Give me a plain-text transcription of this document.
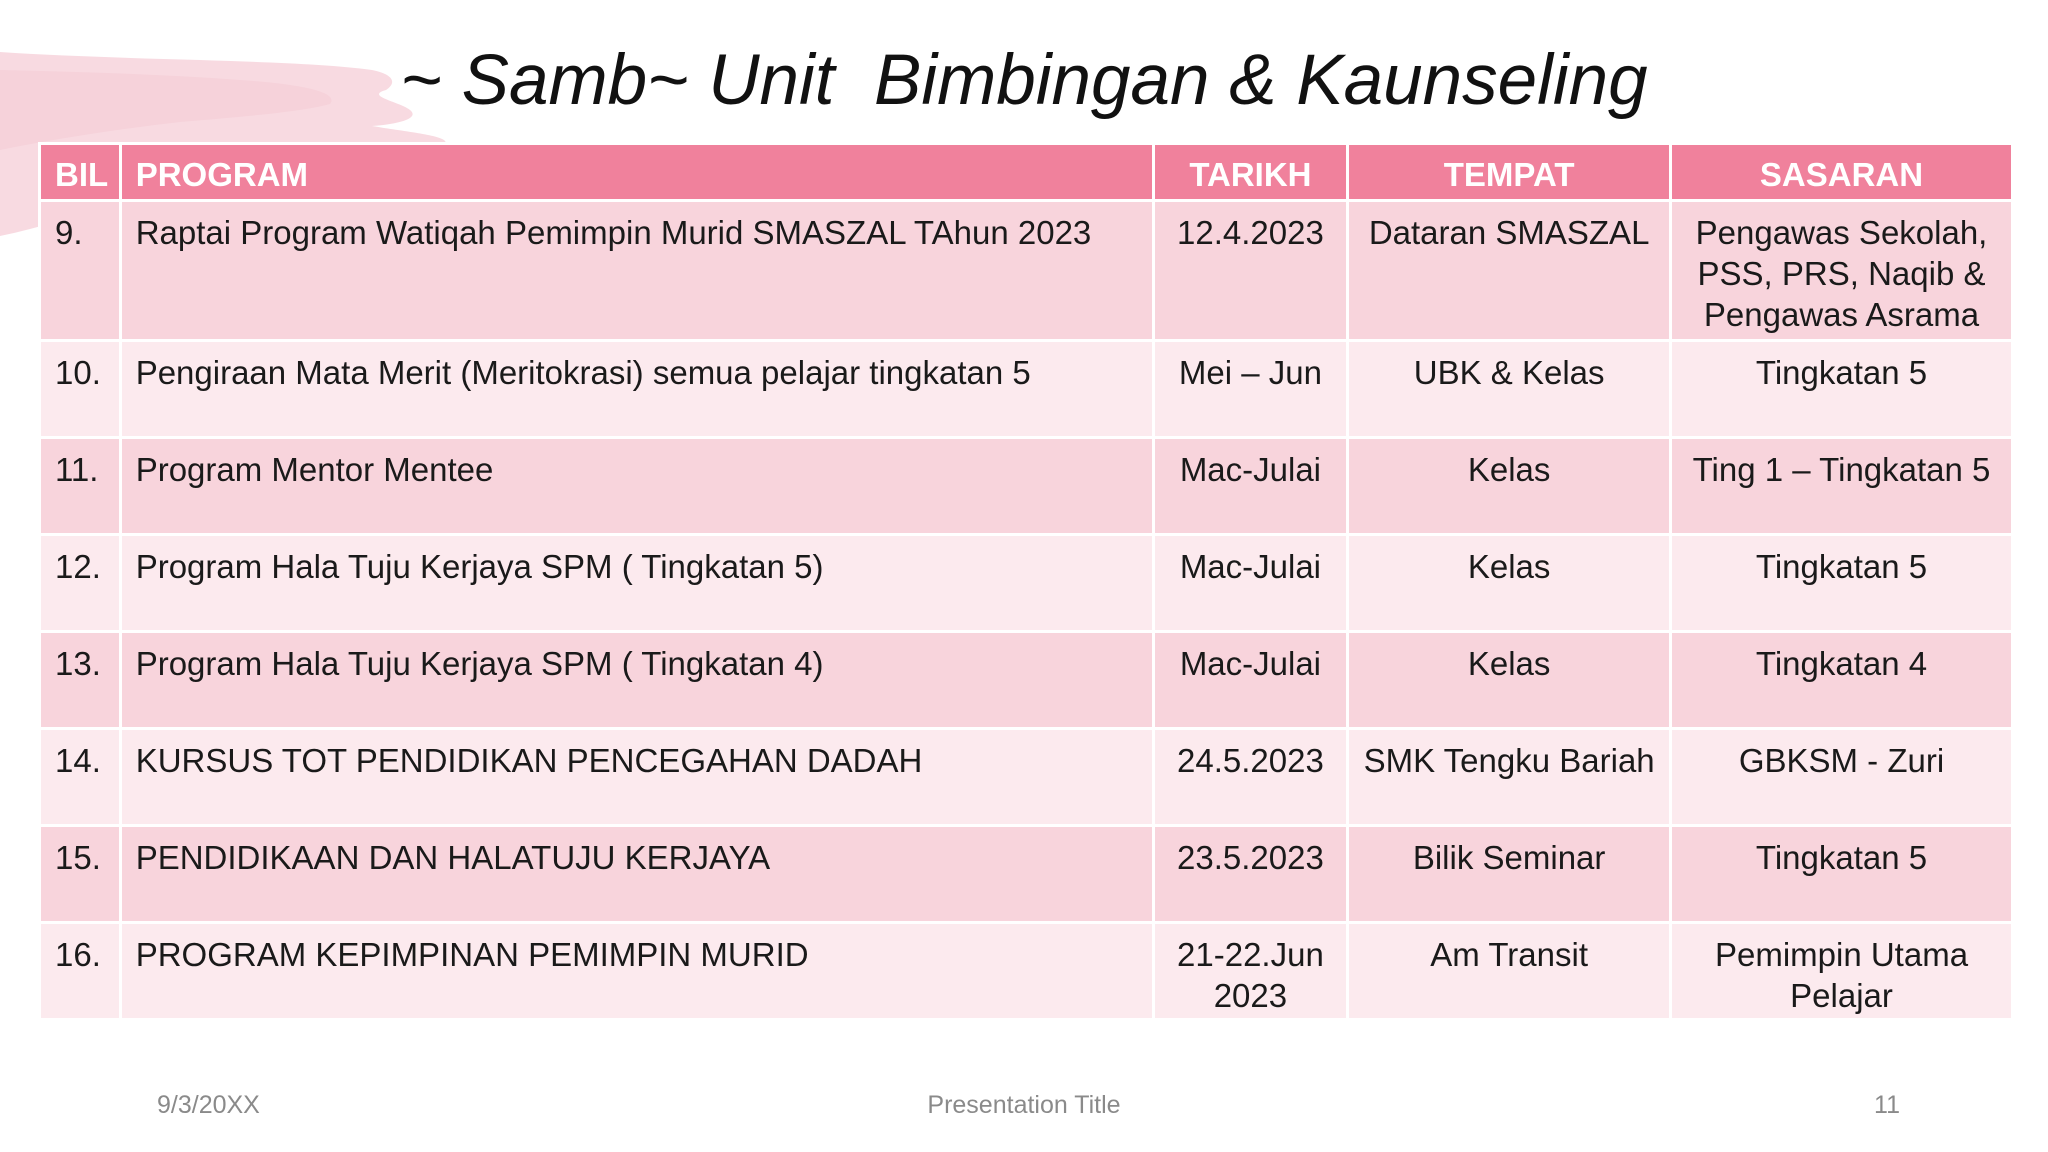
~ Samb~ Unit  Bimbingan & Kaunseling
BIL	PROGRAM	TARIKH	TEMPAT	SASARAN
9.	Raptai Program Watiqah Pemimpin Murid SMASZAL TAhun 2023	12.4.2023	Dataran SMASZAL	Pengawas Sekolah, PSS, PRS, Naqib & Pengawas Asrama
10.	Pengiraan Mata Merit (Meritokrasi) semua pelajar tingkatan 5	Mei – Jun	UBK & Kelas	Tingkatan 5
11.	Program Mentor Mentee	Mac-Julai	Kelas	Ting 1 – Tingkatan 5
12.	Program Hala Tuju Kerjaya SPM ( Tingkatan 5)	Mac-Julai	Kelas	Tingkatan 5
13.	Program Hala Tuju Kerjaya SPM ( Tingkatan 4)	Mac-Julai	Kelas	Tingkatan 4
14.	KURSUS TOT PENDIDIKAN PENCEGAHAN DADAH	24.5.2023	SMK Tengku Bariah	GBKSM - Zuri
15.	PENDIDIKAAN DAN HALATUJU KERJAYA	23.5.2023	Bilik Seminar	Tingkatan 5
16.	PROGRAM KEPIMPINAN PEMIMPIN MURID	21-22.Jun 2023	Am Transit	Pemimpin Utama Pelajar
9/3/20XX	Presentation Title	11
